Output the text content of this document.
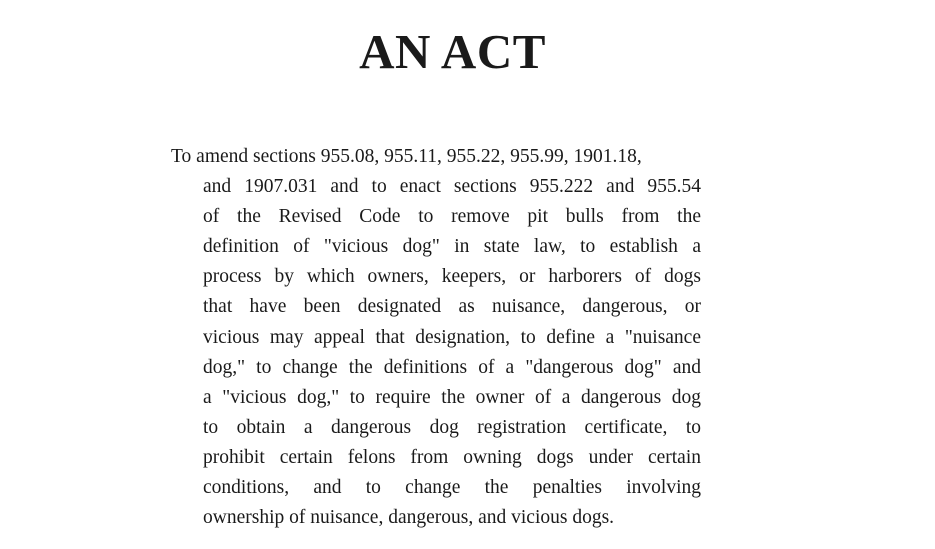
AN ACT
To amend sections 955.08, 955.11, 955.22, 955.99, 1901.18,
and 1907.031 and to enact sections 955.222 and 955.54
of the Revised Code to remove pit bulls from the
definition of "vicious dog" in state law, to establish a
process by which owners, keepers, or harborers of dogs
that have been designated as nuisance, dangerous, or
vicious may appeal that designation, to define a "nuisance
dog," to change the definitions of a "dangerous dog" and
a "vicious dog," to require the owner of a dangerous dog
to obtain a dangerous dog registration certificate, to
prohibit certain felons from owning dogs under certain
conditions, and to change the penalties involving
ownership of nuisance, dangerous, and vicious dogs.
